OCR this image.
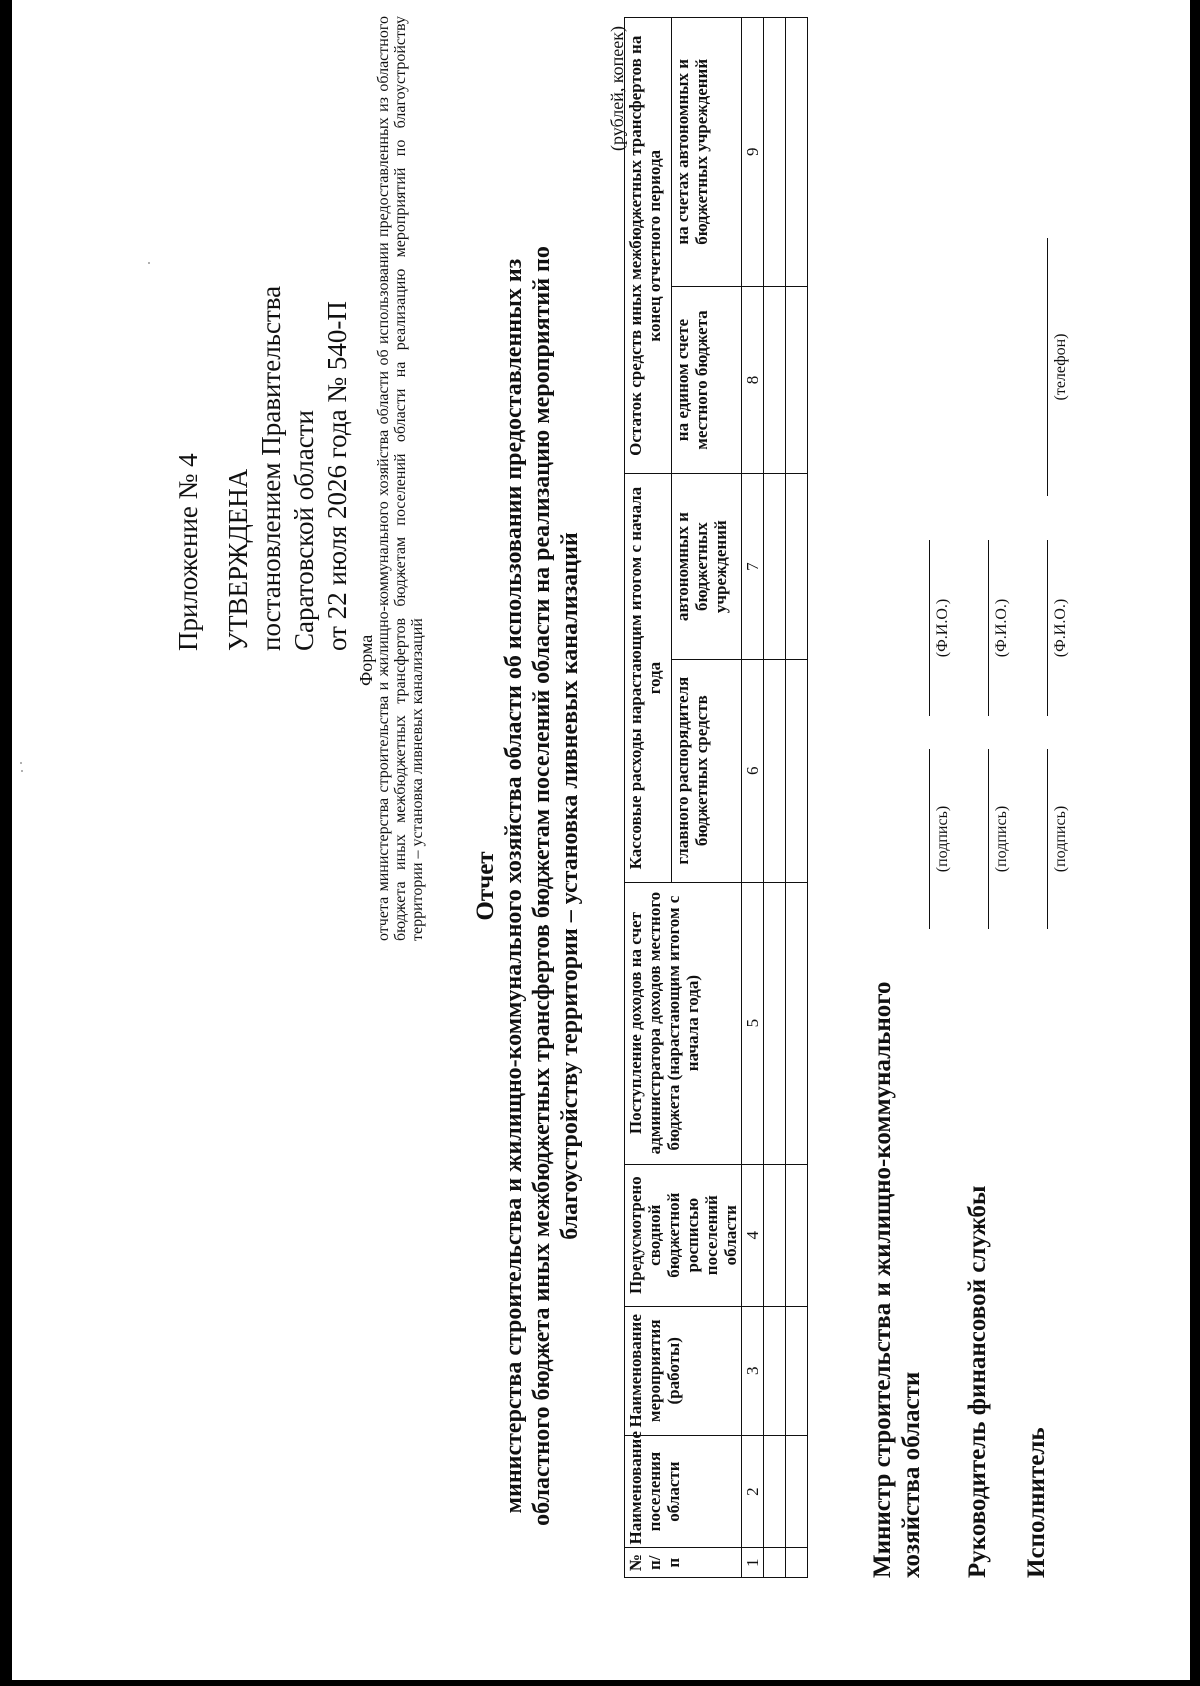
Приложение № 4 УТВЕРЖДЕНА постановлением Правительства Саратовской области от 22 июля 2026 года № 540-П
Форма отчета министерства строительства и жилищно-коммунального хозяйства области об использовании предоставленных из областного бюджета иных межбюджетных трансфертов бюджетам поселений области на реализацию мероприятий по благоустройству территории – установка ливневых канализаций Отчет министерства строительства и жилищно-коммунального хозяйства области об использовании предоставленных из областного бюджета иных межбюджетных трансфертов бюджетам поселений области на реализацию мероприятий по благоустройству территории – установка ливневых канализаций
(рублей, копеек)
№ п/п	Наименование поселения области	Наименование мероприятия (работы)	Предусмотрено сводной бюджетной росписью поселений области	Поступление доходов на счет администратора доходов местного бюджета (нарастающим итогом с начала года)	Кассовые расходы нарастающим итогом с начала года		Остаток средств иных межбюджетных трансфертов на конец отчетного периода	
					главного распорядителя бюджетных средств	автономных и бюджетных учреждений	на едином счете местного бюджета	на счетах автономных и бюджетных учреждений
1	2	3	4	5	6	7	8	9

Министр строительства и жилищно-коммунального хозяйства области
(подпись)
(Ф.И.О.)
Руководитель финансовой службы
(подпись)
(Ф.И.О.)
Исполнитель
(подпись)
(Ф.И.О.)
(телефон)
